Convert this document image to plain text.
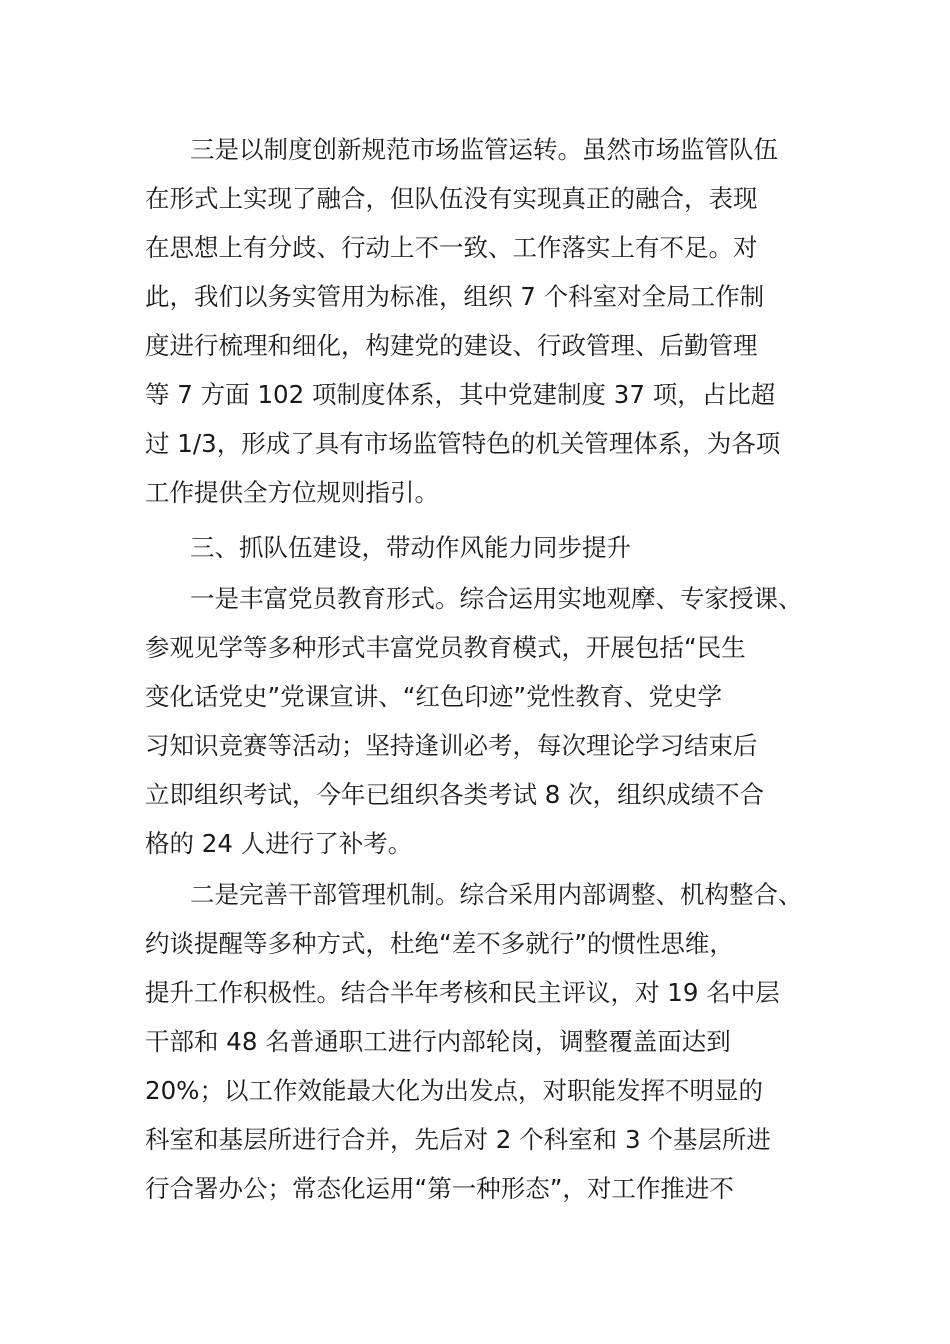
三是以制度创新规范市场监管运转。虽然市场监管队伍
在形式上实现了融合，但队伍没有实现真正的融合，表现
在思想上有分歧、行动上不一致、工作落实上有不足。对
此，我们以务实管用为标准，组织 7 个科室对全局工作制
度进行梳理和细化，构建党的建设、行政管理、后勤管理
等 7 方面 102 项制度体系，其中党建制度 37 项，占比超
过 1/3，形成了具有市场监管特色的机关管理体系，为各项
工作提供全方位规则指引。
三、抓队伍建设，带动作风能力同步提升
一是丰富党员教育形式。综合运用实地观摩、专家授课、
参观见学等多种形式丰富党员教育模式，开展包括“民生
变化话党史”党课宣讲、“红色印迹”党性教育、党史学
习知识竞赛等活动；坚持逢训必考，每次理论学习结束后
立即组织考试，今年已组织各类考试 8 次，组织成绩不合
格的 24 人进行了补考。
二是完善干部管理机制。综合采用内部调整、机构整合、
约谈提醒等多种方式，杜绝“差不多就行”的惯性思维，
提升工作积极性。结合半年考核和民主评议，对 19 名中层
干部和 48 名普通职工进行内部轮岗，调整覆盖面达到
20%；以工作效能最大化为出发点，对职能发挥不明显的
科室和基层所进行合并，先后对 2 个科室和 3 个基层所进
行合署办公；常态化运用“第一种形态”，对工作推进不
